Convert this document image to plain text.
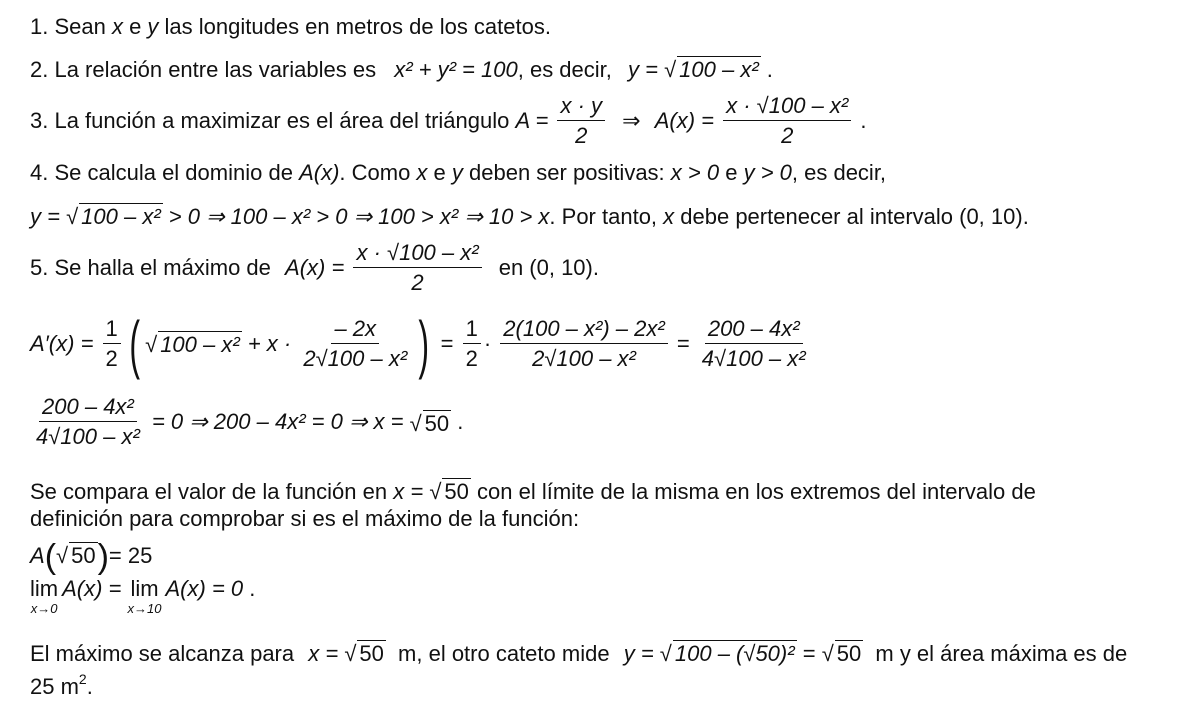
1. Sean x e y las longitudes en metros de los catetos.
2. La relación entre las variables es x² + y² = 100, es decir, y = √ 100 – x² .
3. La función a maximizar es el área del triángulo $A = \frac{x \cdot y}{2}$ ⇒ $A(x) = \frac{\text{x · √100 – x²}}{2}$ .
4. Se calcula el dominio de A(x). Como x e y deben ser positivas: x > 0 e y > 0, es decir,
y = √ 100 – x² > 0 ⇒ 100 – x² > 0 ⇒ 100 > x² ⇒ 10 > x. Por tanto, x debe pertenecer al intervalo (0, 10).
5. Se halla el máximo de $A(x) = \frac{\text{x · √100 – x²}}{2}$ en (0, 10).
$A'(x) = \frac{1}{2}$ ( √ $100 - x^2 + x \cdot \frac{- 2x}{\text{2√100 – x²}}$ ) = $\frac{1}{2} \cdot \frac{\text{2(100 – x²) – 2x²}}{\text{2√100 – x²}} = \frac{\text{200 – 4x²}}{\text{4√100 – x²}}$
$\frac{\text{200 – 4x²}}{\text{4√100 – x²}} = 0$ ⇒ 200 – 4x² = 0 ⇒ x = √ 50 .
Se compara el valor de la función en x = √ 50 con el límite de la misma en los extremos del intervalo de
definición para comprobar si es el máximo de la función:
A(√ 50)= 25
lim
x→0
A(x) = lim
x→10
A(x) = 0 .
El máximo se alcanza para x = √ 50 m, el otro cateto mide y = √ 100 – (√50)² = √ 50 m y el área máxima es de
25 $m^2$.
